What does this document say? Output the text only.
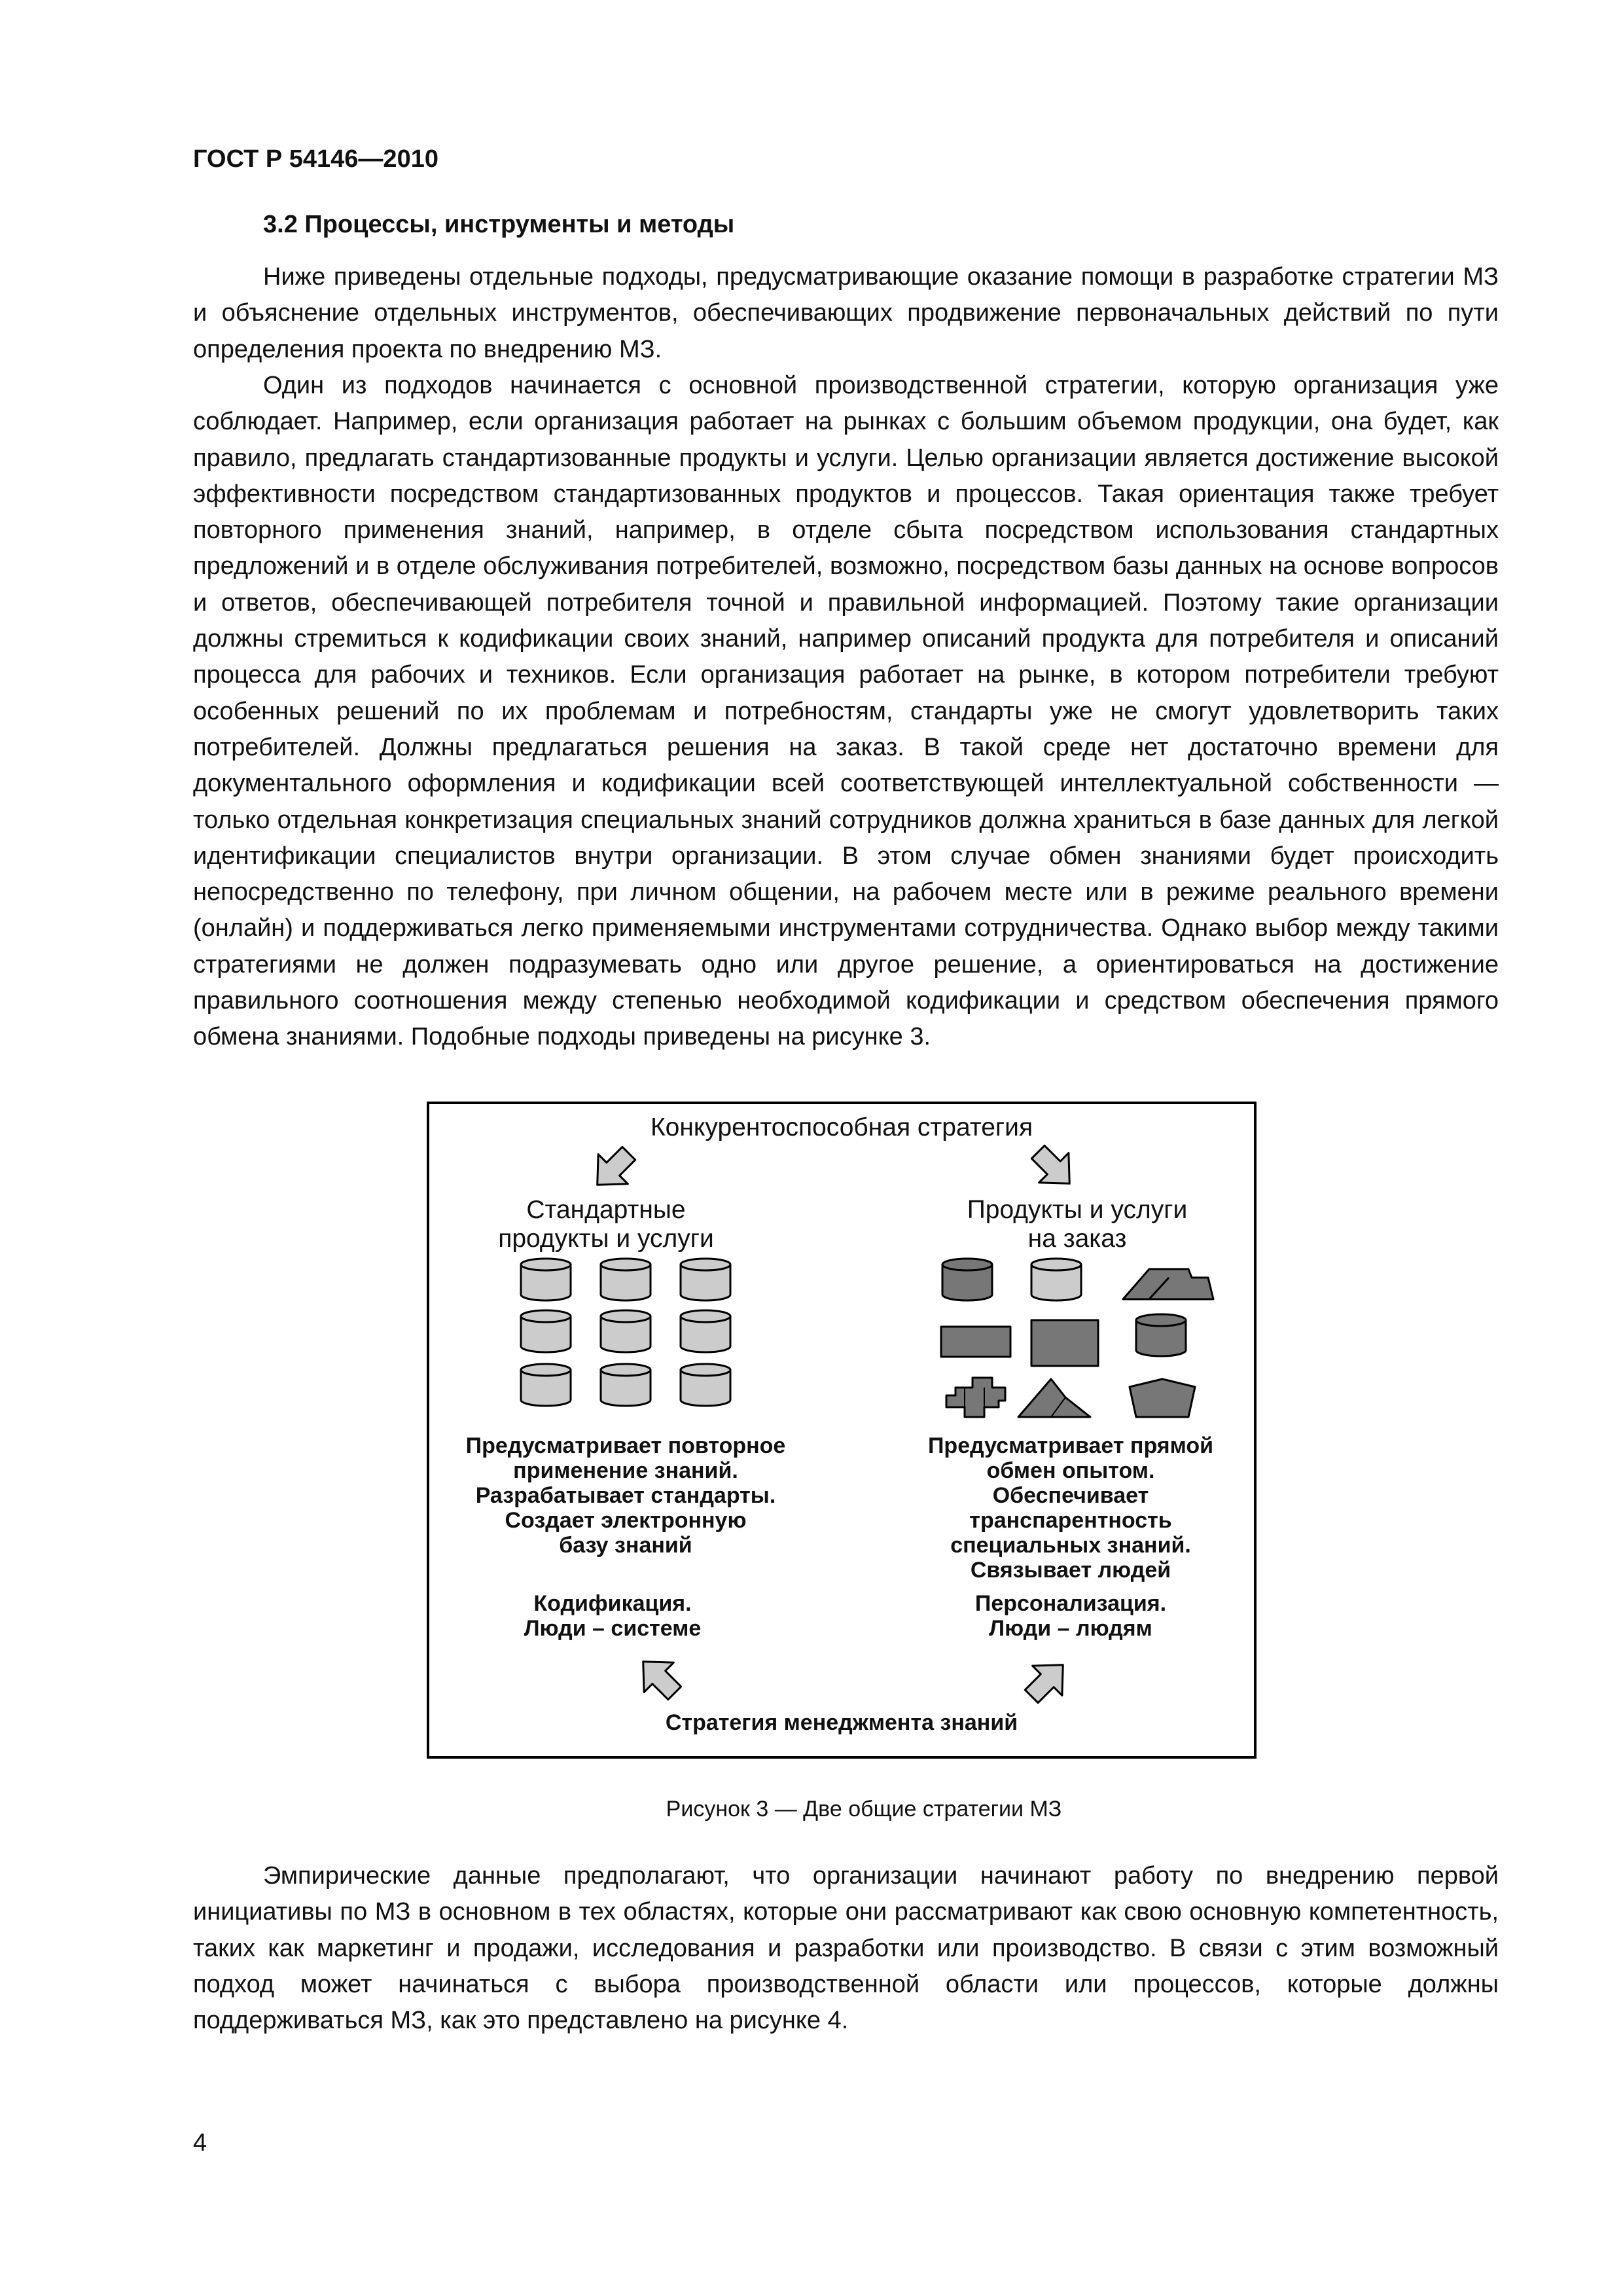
ГОСТ Р 54146—2010

3.2 Процессы, инструменты и методы

Ниже приведены отдельные подходы, предусматривающие оказание помощи в разработке стратегии МЗ и объяснение отдельных инструментов, обеспечивающих продвижение первоначальных действий по пути определения проекта по внедрению МЗ.

Один из подходов начинается с основной производственной стратегии, которую организация уже соблюдает. Например, если организация работает на рынках с большим объемом продукции, она будет, как правило, предлагать стандартизованные продукты и услуги. Целью организации является достижение высокой эффективности посредством стандартизованных продуктов и процессов. Такая ориентация также требует повторного применения знаний, например, в отделе сбыта посредством использования стандартных предложений и в отделе обслуживания потребителей, возможно, посредством базы данных на основе вопросов и ответов, обеспечивающей потребителя точной и правильной информацией. Поэтому такие организации должны стремиться к кодификации своих знаний, например описаний продукта для потребителя и описаний процесса для рабочих и техников. Если организация работает на рынке, в котором потребители требуют особенных решений по их проблемам и потребностям, стандарты уже не смогут удовлетворить таких потребителей. Должны предлагаться решения на заказ. В такой среде нет достаточно времени для документального оформления и кодификации всей соответствующей интеллектуальной собственности — только отдельная конкретизация специальных знаний сотрудников должна храниться в базе данных для легкой идентификации специалистов внутри организации. В этом случае обмен знаниями будет происходить непосредственно по телефону, при личном общении, на рабочем месте или в режиме реального времени (онлайн) и поддерживаться легко применяемыми инструментами сотрудничества. Однако выбор между такими стратегиями не должен подразумевать одно или другое решение, а ориентироваться на достижение правильного соотношения между степенью необходимой кодификации и средством обеспечения прямого обмена знаниями. Подобные подходы приведены на рисунке 3.

Конкурентоспособная стратегия

Стандартные
продукты и услуги

Продукты и услуги
на заказ

Предусматривает повторное
применение знаний.
Разрабатывает стандарты.
Создает электронную
базу знаний

Предусматривает прямой
обмен опытом.
Обеспечивает
транспарентность
специальных знаний.
Связывает людей

Кодификация.
Люди – системе

Персонализация.
Люди – людям

Стратегия менеджмента знаний

Рисунок 3 — Две общие стратегии МЗ

Эмпирические данные предполагают, что организации начинают работу по внедрению первой инициативы по МЗ в основном в тех областях, которые они рассматривают как свою основную компетентность, таких как маркетинг и продажи, исследования и разработки или производство. В связи с этим возможный подход может начинаться с выбора производственной области или процессов, которые должны поддерживаться МЗ, как это представлено на рисунке 4.

4
